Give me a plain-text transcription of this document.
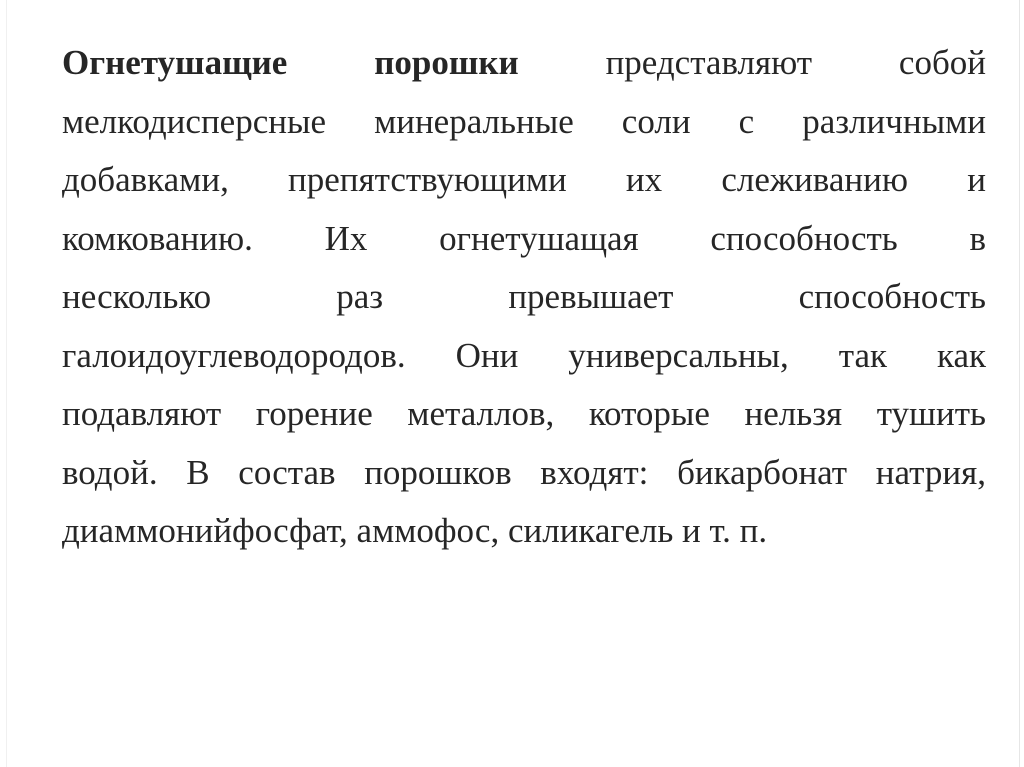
Огнетушащие порошки представляют собой
мелкодисперсные минеральные соли с различными
добавками, препятствующими их слеживанию и
комкованию. Их огнетушащая способность в
несколько	раз	превышает	способность
галоидоуглеводородов. Они универсальны, так как
подавляют горение металлов, которые нельзя тушить
водой. В состав порошков входят: бикарбонат натрия,
диаммонийфосфат, аммофос, силикагель и т. п.
